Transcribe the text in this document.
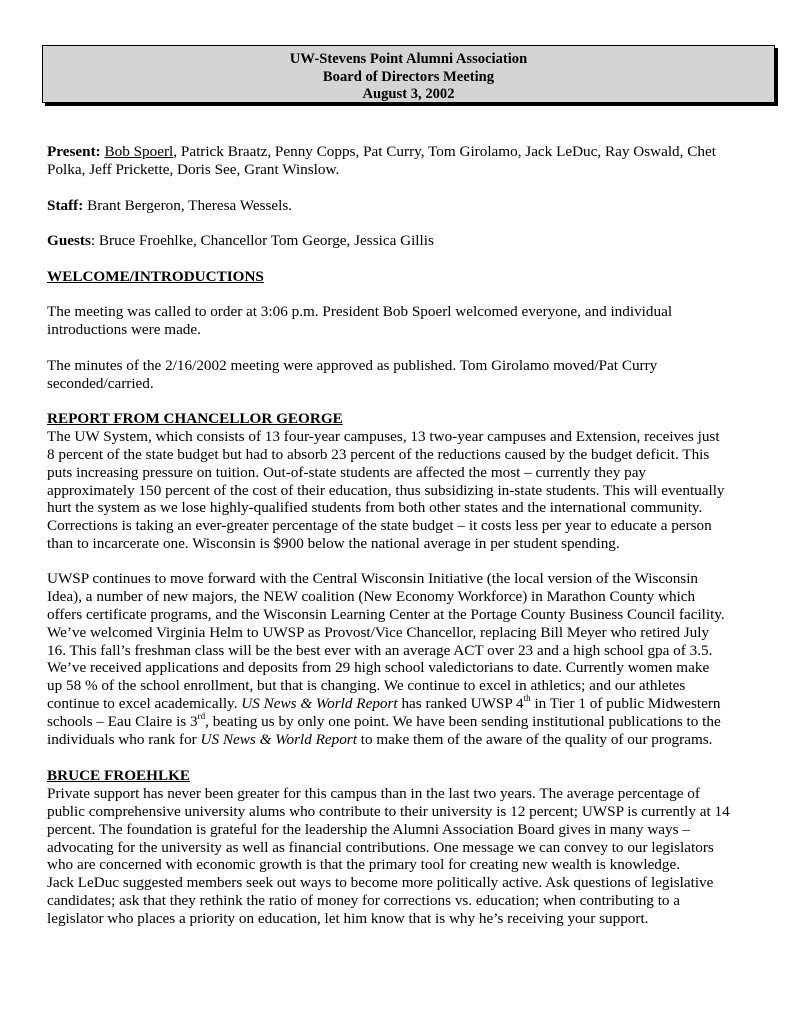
UW-Stevens Point Alumni Association
Board of Directors Meeting
August 3, 2002
Present: Bob Spoerl, Patrick Braatz, Penny Copps, Pat Curry, Tom Girolamo, Jack LeDuc, Ray Oswald, Chet
Polka, Jeff Prickette, Doris See, Grant Winslow.
Staff: Brant Bergeron, Theresa Wessels.
Guests: Bruce Froehlke, Chancellor Tom George, Jessica Gillis
WELCOME/INTRODUCTIONS
The meeting was called to order at 3:06 p.m. President Bob Spoerl welcomed everyone, and individual
introductions were made.
The minutes of the 2/16/2002 meeting were approved as published. Tom Girolamo moved/Pat Curry
seconded/carried.
REPORT FROM CHANCELLOR GEORGE
The UW System, which consists of 13 four-year campuses, 13 two-year campuses and Extension, receives just
8 percent of the state budget but had to absorb 23 percent of the reductions caused by the budget deficit. This
puts increasing pressure on tuition. Out-of-state students are affected the most – currently they pay
approximately 150 percent of the cost of their education, thus subsidizing in-state students. This will eventually
hurt the system as we lose highly-qualified students from both other states and the international community.
Corrections is taking an ever-greater percentage of the state budget – it costs less per year to educate a person
than to incarcerate one. Wisconsin is $900 below the national average in per student spending.
UWSP continues to move forward with the Central Wisconsin Initiative (the local version of the Wisconsin
Idea), a number of new majors, the NEW coalition (New Economy Workforce) in Marathon County which
offers certificate programs, and the Wisconsin Learning Center at the Portage County Business Council facility.
We’ve welcomed Virginia Helm to UWSP as Provost/Vice Chancellor, replacing Bill Meyer who retired July
16. This fall’s freshman class will be the best ever with an average ACT over 23 and a high school gpa of 3.5.
We’ve received applications and deposits from 29 high school valedictorians to date. Currently women make
up 58 % of the school enrollment, but that is changing. We continue to excel in athletics; and our athletes
continue to excel academically. US News & World Report has ranked UWSP 4th in Tier 1 of public Midwestern
schools – Eau Claire is 3rd, beating us by only one point. We have been sending institutional publications to the
individuals who rank for US News & World Report to make them of the aware of the quality of our programs.
BRUCE FROEHLKE
Private support has never been greater for this campus than in the last two years. The average percentage of
public comprehensive university alums who contribute to their university is 12 percent; UWSP is currently at 14
percent. The foundation is grateful for the leadership the Alumni Association Board gives in many ways –
advocating for the university as well as financial contributions. One message we can convey to our legislators
who are concerned with economic growth is that the primary tool for creating new wealth is knowledge.
Jack LeDuc suggested members seek out ways to become more politically active. Ask questions of legislative
candidates; ask that they rethink the ratio of money for corrections vs. education; when contributing to a
legislator who places a priority on education, let him know that is why he’s receiving your support.
